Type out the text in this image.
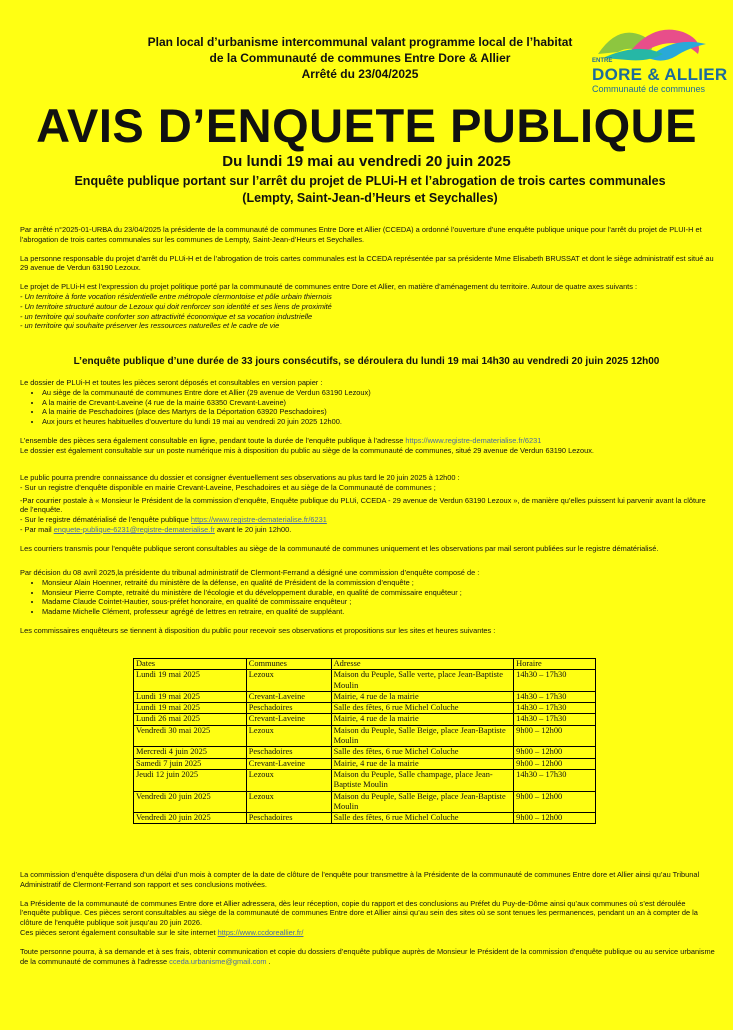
Plan local d’urbanisme intercommunal valant programme local de l’habitat
de la Communauté de communes Entre Dore & Allier
Arrêté du 23/04/2025
ENTRE
DORE & ALLIER
Communauté de communes
AVIS D’ENQUETE PUBLIQUE
Du lundi 19 mai au vendredi 20 juin 2025
Enquête publique portant sur l’arrêt du projet de PLUi-H et l’abrogation de trois cartes communales (Lempty, Saint-Jean-d’Heurs et Seychalles)

Par arrêté n°2025-01-URBA du 23/04/2025 la présidente de la communauté de communes Entre Dore et Allier (CCEDA) a ordonné l’ouverture d’une enquête publique unique pour l’arrêt du projet de PLUI-H et l’abrogation de trois cartes communales sur les communes de Lempty, Saint-Jean-d’Heurs et Seychalles.

La personne responsable du projet d’arrêt du PLUi-H et de l’abrogation de trois cartes communales est la CCEDA représentée par sa présidente Mme Elisabeth BRUSSAT et dont le siège administratif est situé au 29 avenue de Verdun 63190 Lezoux.

Le projet de PLUi-H est l’expression du projet politique porté par la communauté de communes entre Dore et Allier, en matière d’aménagement du territoire. Autour de quatre axes suivants :

- Un territoire à forte vocation résidentielle entre métropole clermontoise et pôle urbain thiernois

- Un territoire structuré autour de Lezoux qui doit renforcer son identité et ses liens de proximité

- un territoire qui souhaite conforter son attractivité économique et sa vocation industrielle

- un territoire qui souhaite préserver les ressources naturelles et le cadre de vie

L’enquête publique d’une durée de 33 jours consécutifs, se déroulera du lundi 19 mai 14h30 au vendredi 20 juin 2025 12h00

Le dossier de PLUi-H et toutes les pièces seront déposés et consultables en version papier :

• Au siège de la communauté de communes Entre dore et Allier (29 avenue de Verdun 63190 Lezoux)
• A la mairie de Crevant-Laveine (4 rue de la mairie 63350 Crevant-Laveine)
• A la mairie de Peschadoires (place des Martyrs de la Déportation 63920 Peschadoires)
• Aux jours et heures habituelles d’ouverture du lundi 19 mai au vendredi 20 juin 2025 12h00.

L’ensemble des pièces sera également consultable en ligne, pendant toute la durée de l’enquête publique à l’adresse https://www.registre-dematerialise.fr/6231

Le dossier est également consultable sur un poste numérique mis à disposition du public au siège de la communauté de communes, situé 29 avenue de Verdun 63190 Lezoux.

Le public pourra prendre connaissance du dossier et consigner éventuellement ses observations au plus tard le 20 juin 2025 à 12h00 :

- Sur un registre d’enquête disponible en mairie Crevant-Laveine, Peschadoires et au siège de la Communauté de communes ;

-Par courrier postale à « Monsieur le Président de la commission d’enquête, Enquête publique du PLUi, CCEDA - 29 avenue de Verdun 63190 Lezoux », de manière qu’elles puissent lui parvenir avant la clôture de l’enquête.

- Sur le registre dématérialisé de l’enquête publique https://www.registre-dematerialise.fr/6231

- Par mail enquete-publique-6231@registre-dematerialise.fr avant le 20 juin 12h00.

Les courriers transmis pour l’enquête publique seront consultables au siège de la communauté de communes uniquement et les observations par mail seront publiées sur le registre dématérialisé.

Par décision du 08 avril 2025,la présidente du tribunal administratif de Clermont-Ferrand a désigné une commission d’enquête composé de :

• Monsieur Alain Hoenner, retraité du ministère de la défense, en qualité de Président de la commission d’enquête ;
• Monsieur Pierre Compte, retraité du ministère de l’écologie et du développement durable, en qualité de commissaire enquêteur ;
• Madame Claude Cointet-Hautier, sous-préfet honoraire, en qualité de commissaire enquêteur ;
• Madame Michelle Clément, professeur agrégé de lettres en retraire, en qualité de suppléant.

Les commissaires enquêteurs se tiennent à disposition du public pour recevoir ses observations et propositions sur les sites et heures suivantes :

Dates	Communes	Adresse	Horaire
Lundi 19 mai 2025	Lezoux	Maison du Peuple, Salle verte, place Jean-Baptiste Moulin	14h30 – 17h30
Lundi 19 mai 2025	Crevant-Laveine	Mairie, 4 rue de la mairie	14h30 – 17h30
Lundi 19 mai 2025	Peschadoires	Salle des fêtes, 6 rue Michel Coluche	14h30 – 17h30
Lundi 26 mai 2025	Crevant-Laveine	Mairie, 4 rue de la mairie	14h30 – 17h30
Vendredi 30 mai 2025	Lezoux	Maison du Peuple, Salle Beige, place Jean-Baptiste Moulin	9h00 – 12h00
Mercredi 4 juin 2025	Peschadoires	Salle des fêtes, 6 rue Michel Coluche	9h00 – 12h00
Samedi 7 juin 2025	Crevant-Laveine	Mairie, 4 rue de la mairie	9h00 – 12h00
Jeudi 12 juin 2025	Lezoux	Maison du Peuple, Salle champage, place Jean-Baptiste Moulin	14h30 – 17h30
Vendredi 20 juin 2025	Lezoux	Maison du Peuple, Salle Beige, place Jean-Baptiste Moulin	9h00 – 12h00
Vendredi 20 juin 2025	Peschadoires	Salle des fêtes, 6 rue Michel Coluche	9h00 – 12h00

La commission d’enquête disposera d’un délai d’un mois à compter de la date de clôture de l’enquête pour transmettre à la Présidente de la communauté de communes Entre dore et Allier ainsi qu’au Tribunal Administratif de Clermont-Ferrand son rapport et ses conclusions motivées.

La Présidente de la communauté de communes Entre dore et Allier adressera, dès leur réception, copie du rapport et des conclusions au Préfet du Puy-de-Dôme ainsi qu’aux communes où s’est déroulée l’enquête publique. Ces pièces seront consultables au siège de la communauté de communes Entre dore et Allier ainsi qu’au sein des sites où se sont tenues les permanences, pendant un an à compter de la clôture de l’enquête publique soit jusqu’au 20 juin 2026.

Ces pièces seront également consultable sur le site internet https://www.ccdoreallier.fr/

Toute personne pourra, à sa demande et à ses frais, obtenir communication et copie du dossiers d’enquête publique auprès de Monsieur le Président de la commission d’enquête publique ou au service urbanisme de la communauté de communes à l’adresse cceda.urbanisme@gmail.com .
